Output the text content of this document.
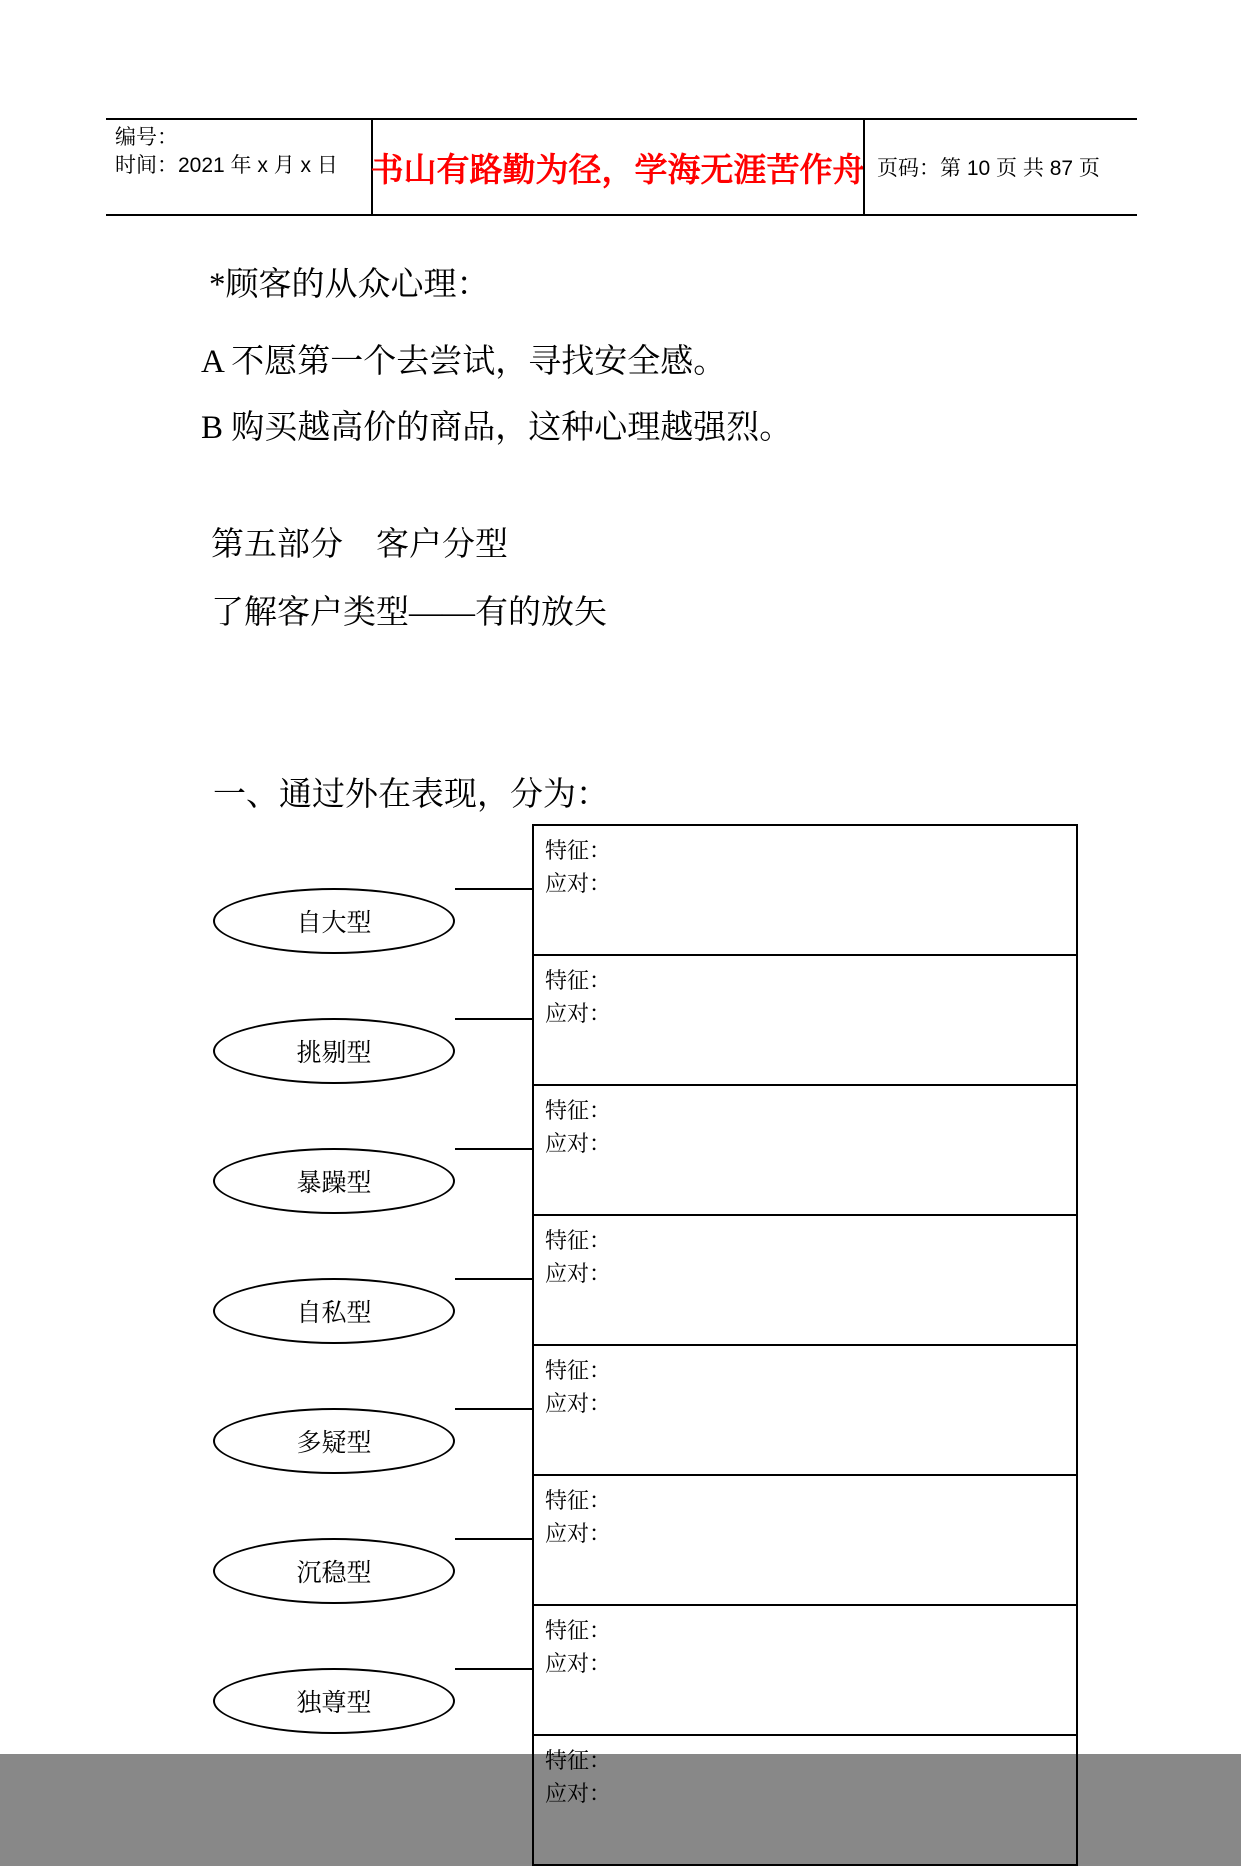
编号：
时间：2021 年 x 月 x 日 书山有路勤为径，学海无涯苦作舟 页码：第 10 页 共 87 页
*顾客的从众心理：
A 不愿第一个去尝试，寻找安全感。
B 购买越高价的商品，这种心理越强烈。
第五部分　客户分型
了解客户类型——有的放矢
一、通过外在表现，分为：
特征：
应对：
特征：
应对：
特征：
应对：
特征：
应对：
特征：
应对：
特征：
应对：
特征：
应对：
特征：
应对：
自大型
挑剔型
暴躁型
自私型
多疑型
沉稳型
独尊型
